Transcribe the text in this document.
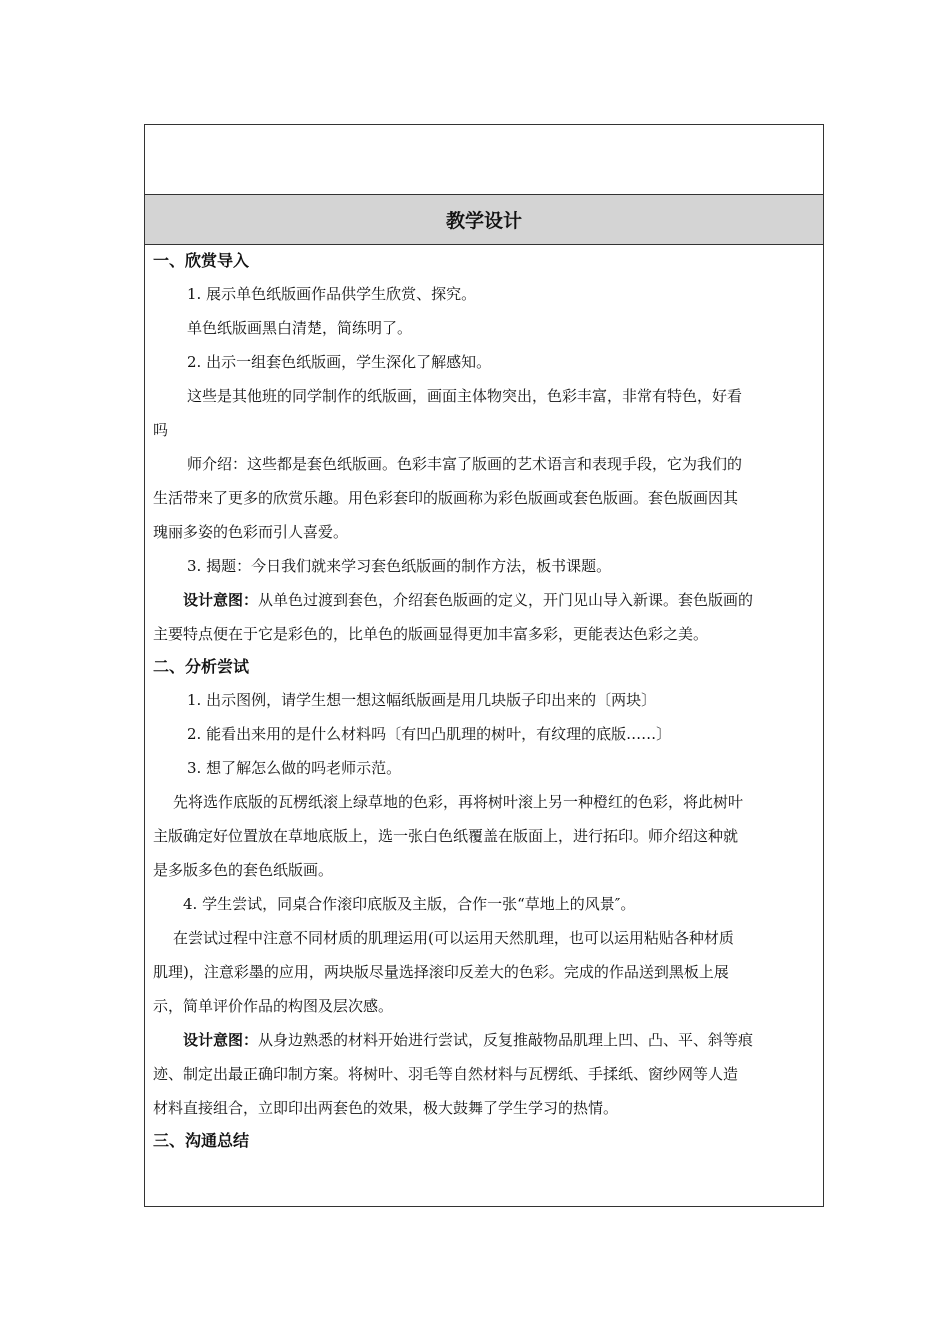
教学设计
一、欣赏导入
1. 展示单色纸版画作品供学生欣赏、探究。
单色纸版画黑白清楚，简练明了。
2. 出示一组套色纸版画，学生深化了解感知。
这些是其他班的同学制作的纸版画，画面主体物突出，色彩丰富，非常有特色，好看
吗
师介绍：这些都是套色纸版画。色彩丰富了版画的艺术语言和表现手段，它为我们的
生活带来了更多的欣赏乐趣。用色彩套印的版画称为彩色版画或套色版画。套色版画因其
瑰丽多姿的色彩而引人喜爱。
3. 揭题：今日我们就来学习套色纸版画的制作方法，板书课题。
设计意图：从单色过渡到套色，介绍套色版画的定义，开门见山导入新课。套色版画的
主要特点便在于它是彩色的，比单色的版画显得更加丰富多彩，更能表达色彩之美。
二、分析尝试
1. 出示图例，请学生想一想这幅纸版画是用几块版子印出来的〔两块〕
2. 能看出来用的是什么材料吗〔有凹凸肌理的树叶，有纹理的底版……〕
3. 想了解怎么做的吗老师示范。
先将选作底版的瓦楞纸滚上绿草地的色彩，再将树叶滚上另一种橙红的色彩，将此树叶
主版确定好位置放在草地底版上，选一张白色纸覆盖在版面上，进行拓印。师介绍这种就
是多版多色的套色纸版画。
4. 学生尝试，同桌合作滚印底版及主版，合作一张“草地上的风景″。
在尝试过程中注意不同材质的肌理运用(可以运用天然肌理，也可以运用粘贴各种材质
肌理)，注意彩墨的应用，两块版尽量选择滚印反差大的色彩。完成的作品送到黑板上展
示，简单评价作品的构图及层次感。
设计意图：从身边熟悉的材料开始进行尝试，反复推敲物品肌理上凹、凸、平、斜等痕
迹、制定出最正确印制方案。将树叶、羽毛等自然材料与瓦楞纸、手揉纸、窗纱网等人造
材料直接组合，立即印出两套色的效果，极大鼓舞了学生学习的热情。
三、沟通总结
